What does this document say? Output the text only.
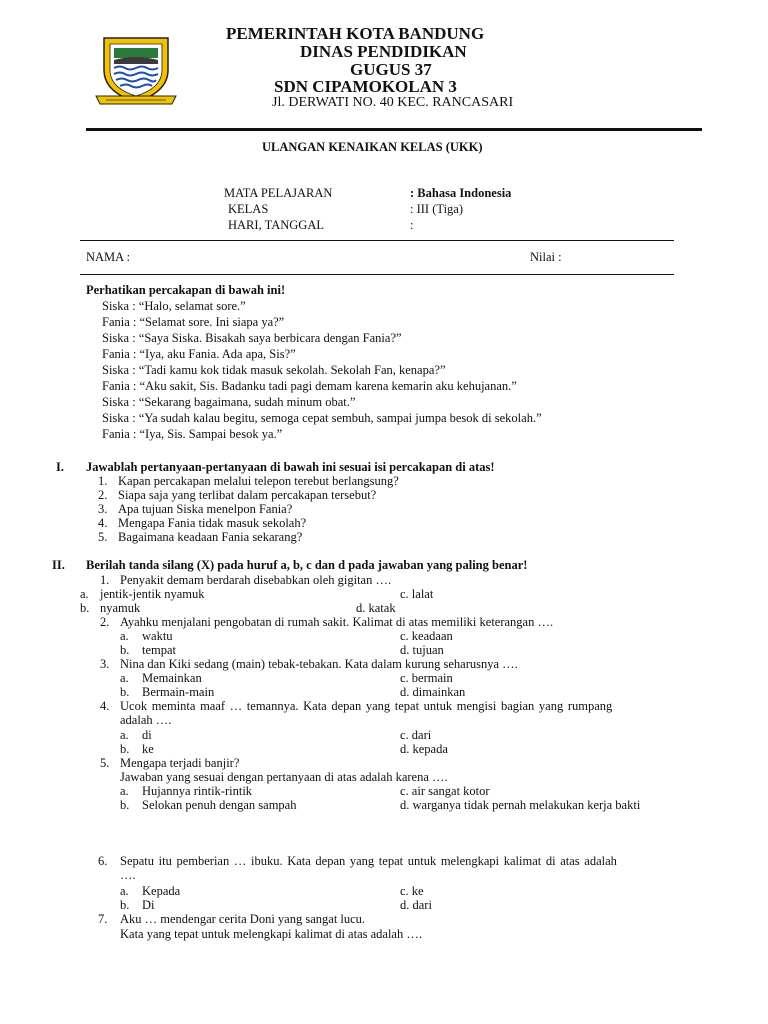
PEMERINTAH KOTA BANDUNG
DINAS PENDIDIKAN
GUGUS 37
SDN CIPAMOKOLAN 3
Jl. DERWATI NO. 40 KEC. RANCASARI
ULANGAN KENAIKAN KELAS (UKK)
MATA PELAJARAN	: Bahasa Indonesia
KELAS	: III (Tiga)
HARI, TANGGAL	:
NAMA :	Nilai :
Perhatikan percakapan di bawah ini!
Siska : “Halo, selamat sore.”
Fania : “Selamat sore. Ini siapa ya?”
Siska : “Saya Siska. Bisakah saya berbicara dengan Fania?”
Fania : “Iya, aku Fania. Ada apa, Sis?”
Siska : “Tadi kamu kok tidak masuk sekolah. Sekolah Fan, kenapa?”
Fania : “Aku sakit, Sis. Badanku tadi pagi demam karena kemarin aku kehujanan.”
Siska : “Sekarang bagaimana, sudah minum obat.”
Siska : “Ya sudah kalau begitu, semoga cepat sembuh, sampai jumpa besok di sekolah.”
Fania : “Iya, Sis. Sampai besok ya.”
I. Jawablah pertanyaan-pertanyaan di bawah ini sesuai isi percakapan di atas!
1. Kapan percakapan melalui telepon terebut berlangsung?
2. Siapa saja yang terlibat dalam percakapan tersebut?
3. Apa tujuan Siska menelpon Fania?
4. Mengapa Fania tidak masuk sekolah?
5. Bagaimana keadaan Fania sekarang?
II. Berilah tanda silang (X) pada huruf a, b, c dan d pada jawaban yang paling benar!
1. Penyakit demam berdarah disebabkan oleh gigitan ….
a. jentik-jentik nyamuk	c. lalat
b. nyamuk	d. katak
2. Ayahku menjalani pengobatan di rumah sakit. Kalimat di atas memiliki keterangan ….
a. waktu	c. keadaan
b. tempat	d. tujuan
3. Nina dan Kiki sedang (main) tebak-tebakan. Kata dalam kurung seharusnya ….
a. Memainkan	c. bermain
b. Bermain-main	d. dimainkan
4. Ucok meminta maaf … temannya. Kata depan yang tepat untuk mengisi bagian yang rumpang
adalah ….
a. di	c. dari
b. ke	d. kepada
5. Mengapa terjadi banjir?
Jawaban yang sesuai dengan pertanyaan di atas adalah karena ….
a. Hujannya rintik-rintik	c. air sangat kotor
b. Selokan penuh dengan sampah	d. warganya tidak pernah melakukan kerja bakti
6. Sepatu itu pemberian … ibuku. Kata depan yang tepat untuk melengkapi kalimat di atas adalah
….
a. Kepada	c. ke
b. Di	d. dari
7. Aku … mendengar cerita Doni yang sangat lucu.
Kata yang tepat untuk melengkapi kalimat di atas adalah ….
